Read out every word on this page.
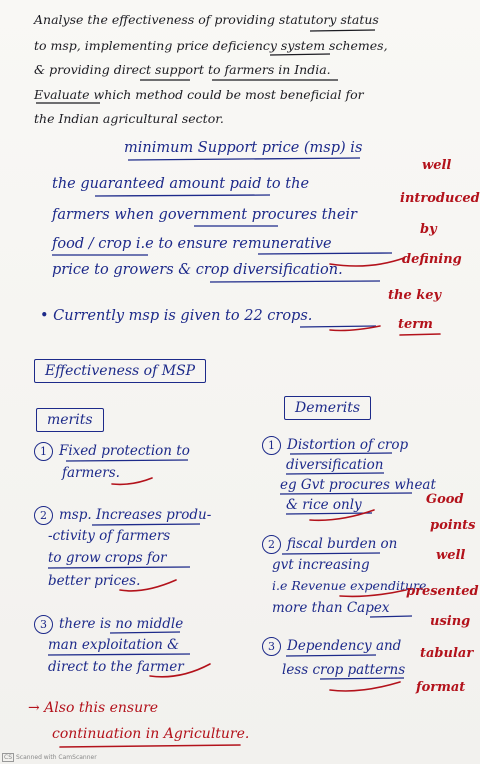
Analyse the effectiveness of providing statutory status
to msp, implementing price deficiency system schemes,
& providing direct support to farmers in India.
Evaluate which method could be most beneficial for
the Indian agricultural sector.
minimum Support price (msp) is
the guaranteed amount paid to the
farmers when government procures their
food / crop i.e to ensure remunerative
price to growers & crop diversification.
• Currently msp is given to 22 crops.
Effectiveness of MSP
merits
1 Fixed protection to
farmers.
2 msp. Increases produ-
-ctivity of farmers
to grow crops for
better prices.
3 there is no middle
man exploitation &
direct to the farmer
Demerits
1 Distortion of crop
diversification
eg Gvt procures wheat
& rice only
2 fiscal burden on
gvt increasing
i.e Revenue expenditure
more than Capex
3 Dependency and
less crop patterns
→ Also this ensure
continuation in Agriculture.
well
introduced
by
defining
the key
term
Good
points
well
presented
using
tabular
format
CS Scanned with CamScanner
